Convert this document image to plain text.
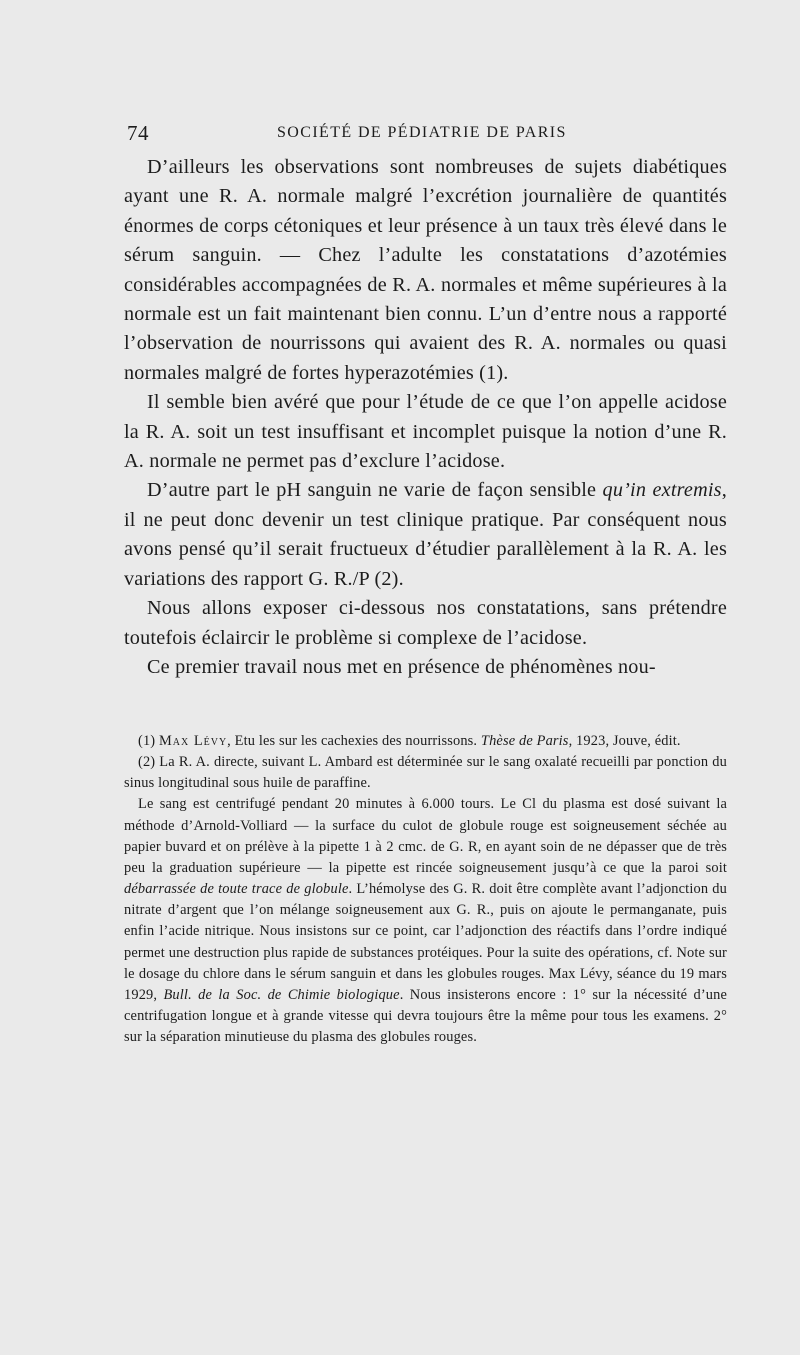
74	SOCIÉTÉ DE PÉDIATRIE DE PARIS

D’ailleurs les observations sont nombreuses de sujets diabétiques ayant une R. A. normale malgré l’excrétion journalière de quantités énormes de corps cétoniques et leur présence à un taux très élevé dans le sérum sanguin. — Chez l’adulte les constatations d’azotémies considérables accompagnées de R. A. normales et même supérieures à la normale est un fait maintenant bien connu. L’un d’entre nous a rapporté l’observation de nourrissons qui avaient des R. A. normales ou quasi normales malgré de fortes hyperazotémies (1).

Il semble bien avéré que pour l’étude de ce que l’on appelle acidose la R. A. soit un test insuffisant et incomplet puisque la notion d’une R. A. normale ne permet pas d’exclure l’acidose.

D’autre part le pH sanguin ne varie de façon sensible qu’in extremis, il ne peut donc devenir un test clinique pratique. Par conséquent nous avons pensé qu’il serait fructueux d’étudier parallèlement à la R. A. les variations des rapport G. R./P (2).

Nous allons exposer ci-dessous nos constatations, sans prétendre toutefois éclaircir le problème si complexe de l’acidose.

Ce premier travail nous met en présence de phénomènes nou-

(1) Max Lévy, Etu les sur les cachexies des nourrissons. Thèse de Paris, 1923, Jouve, édit.

(2) La R. A. directe, suivant L. Ambard est déterminée sur le sang oxalaté recueilli par ponction du sinus longitudinal sous huile de paraffine.

Le sang est centrifugé pendant 20 minutes à 6.000 tours. Le Cl du plasma est dosé suivant la méthode d’Arnold-Volliard — la surface du culot de globule rouge est soigneusement séchée au papier buvard et on prélève à la pipette 1 à 2 cmc. de G. R, en ayant soin de ne dépasser que de très peu la graduation supérieure — la pipette est rincée soigneusement jusqu’à ce que la paroi soit débarrassée de toute trace de globule. L’hémolyse des G. R. doit être complète avant l’adjonction du nitrate d’argent que l’on mélange soigneusement aux G. R., puis on ajoute le permanganate, puis enfin l’acide nitrique. Nous insistons sur ce point, car l’adjonction des réactifs dans l’ordre indiqué permet une destruction plus rapide de substances protéiques. Pour la suite des opérations, cf. Note sur le dosage du chlore dans le sérum sanguin et dans les globules rouges. Max Lévy, séance du 19 mars 1929, Bull. de la Soc. de Chimie biologique. Nous insisterons encore : 1° sur la nécessité d’une centrifugation longue et à grande vitesse qui devra toujours être la même pour tous les examens. 2° sur la séparation minutieuse du plasma des globules rouges.
